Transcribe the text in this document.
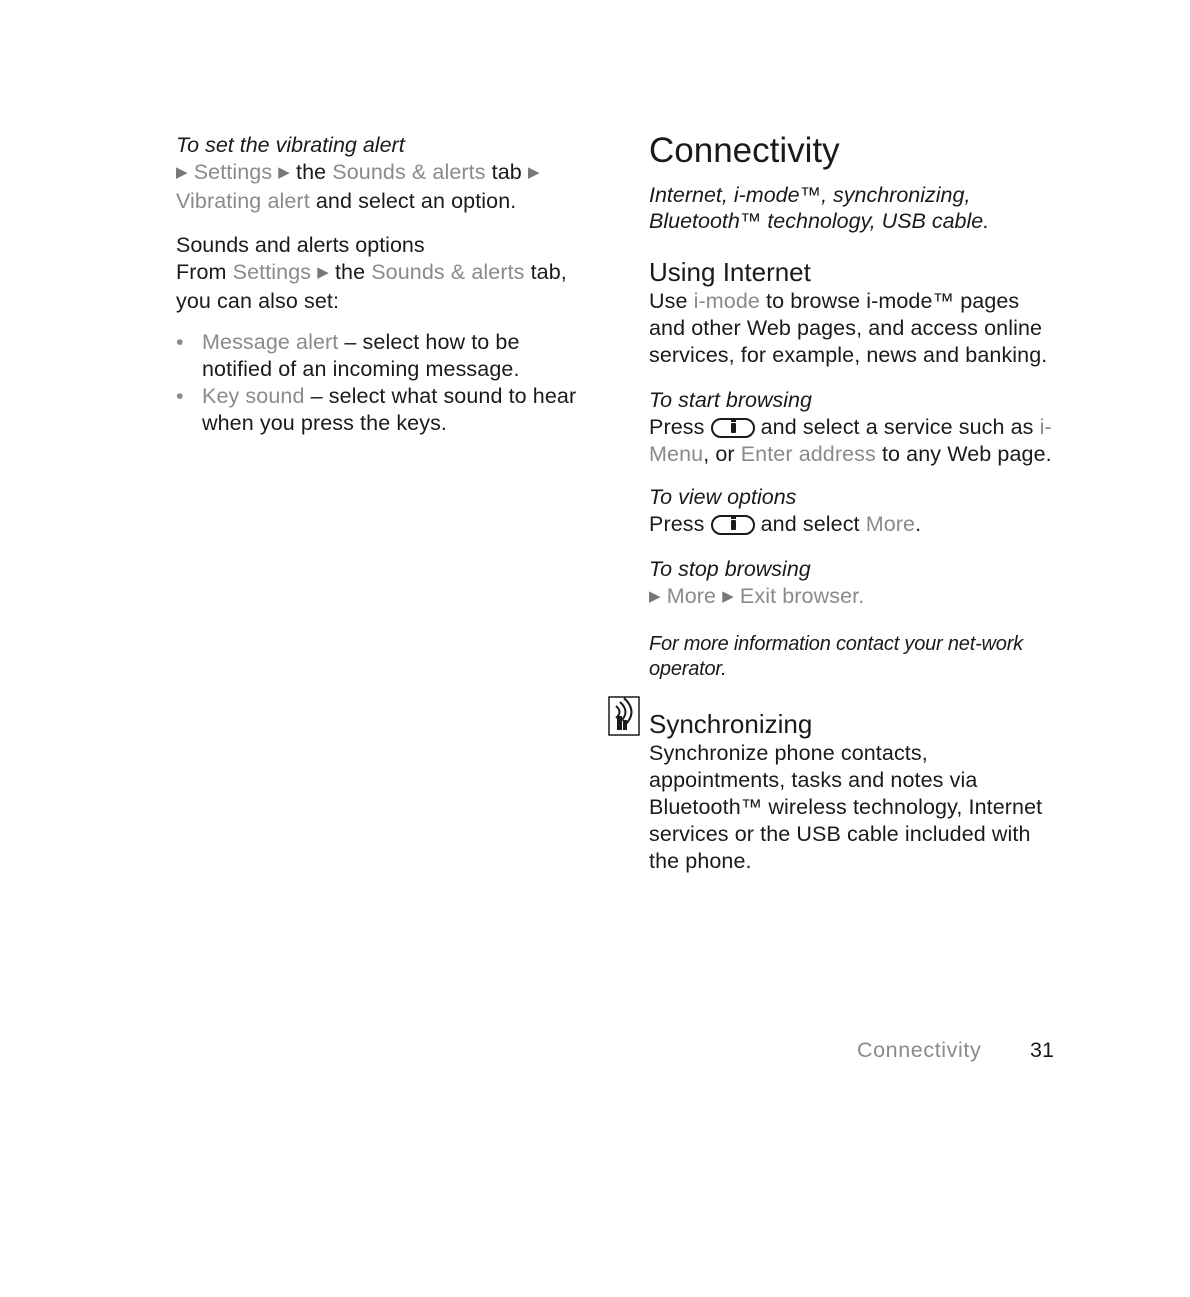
To set the vibrating alert

▶ Settings ▶ the Sounds & alerts tab ▶ Vibrating alert and select an option.

Sounds and alerts options

From Settings ▶ the Sounds & alerts tab, you can also set:

• Message alert – select how to be notified of an incoming message.
• Key sound – select what sound to hear when you press the keys.
Connectivity

Internet, i-mode™, synchronizing, Bluetooth™ technology, USB cable.

Using Internet

Use i-mode to browse i-mode™ pages and other Web pages, and access online services, for example, news and banking.

To start browsing

Press	and select a service such as i-Menu, or Enter address to any Web page.

To view options

Press	and select More.

To stop browsing

▶ More ▶ Exit browser.

For more information contact your net-work operator.

Synchronizing

Synchronize phone contacts, appointments, tasks and notes via Bluetooth™ wireless technology, Internet services or the USB cable included with the phone.

Connectivity 31
